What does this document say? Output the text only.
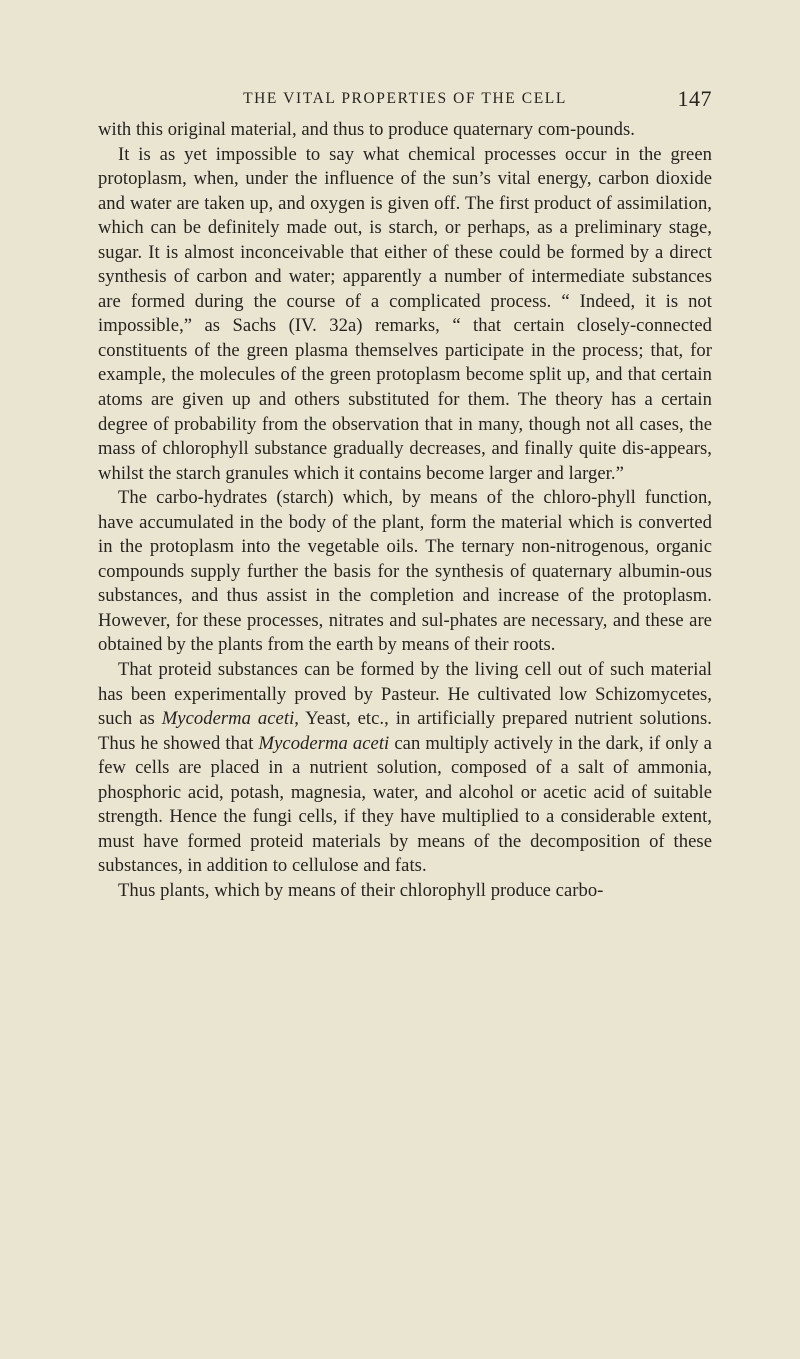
THE VITAL PROPERTIES OF THE CELL	147

with this original material, and thus to produce quaternary com-pounds.

It is as yet impossible to say what chemical processes occur in the green protoplasm, when, under the influence of the sun’s vital energy, carbon dioxide and water are taken up, and oxygen is given off. The first product of assimilation, which can be definitely made out, is starch, or perhaps, as a preliminary stage, sugar. It is almost inconceivable that either of these could be formed by a direct synthesis of carbon and water; apparently a number of intermediate substances are formed during the course of a complicated process. “ Indeed, it is not impossible,” as Sachs (IV. 32a) remarks, “ that certain closely-connected constituents of the green plasma themselves participate in the process; that, for example, the molecules of the green protoplasm become split up, and that certain atoms are given up and others substituted for them. The theory has a certain degree of probability from the observation that in many, though not all cases, the mass of chlorophyll substance gradually decreases, and finally quite dis-appears, whilst the starch granules which it contains become larger and larger.”

The carbo-hydrates (starch) which, by means of the chloro-phyll function, have accumulated in the body of the plant, form the material which is converted in the protoplasm into the vegetable oils. The ternary non-nitrogenous, organic compounds supply further the basis for the synthesis of quaternary albumin-ous substances, and thus assist in the completion and increase of the protoplasm. However, for these processes, nitrates and sul-phates are necessary, and these are obtained by the plants from the earth by means of their roots.

That proteid substances can be formed by the living cell out of such material has been experimentally proved by Pasteur. He cultivated low Schizomycetes, such as Mycoderma aceti, Yeast, etc., in artificially prepared nutrient solutions. Thus he showed that Mycoderma aceti can multiply actively in the dark, if only a few cells are placed in a nutrient solution, composed of a salt of ammonia, phosphoric acid, potash, magnesia, water, and alcohol or acetic acid of suitable strength. Hence the fungi cells, if they have multiplied to a considerable extent, must have formed proteid materials by means of the decomposition of these substances, in addition to cellulose and fats.

Thus plants, which by means of their chlorophyll produce carbo-
